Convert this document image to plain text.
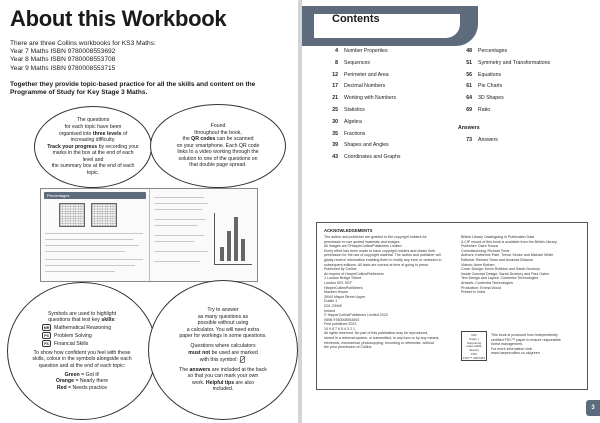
About this Workbook
There are three Collins workbooks for KS3 Maths:
Year 7 Maths ISBN 9780008553692
Year 8 Maths ISBN 9780008553708
Year 9 Maths ISBN 9780008553715
Together they provide topic-based practice for all the skills and content on the Programme of Study for Key Stage 3 Maths.
The questions
for each topic have been
organised into three levels of
increasing difficulty.
Track your progress by recording your
marks in the box at the end of each level and
the summary box at the end of each topic.
Found
throughout the book,
the QR codes can be scanned
on your smartphone. Each QR code
links to a video working through the
solution to one of the questions on
that double page spread.
Percentages
Symbols are used to highlight
questions that test key skills:
MR Mathematical Reasoning
PS Problem Solving
FS	Financial Skills
To show how confident you feel with these
skills, colour in the symbols alongside each
question and at the end of each topic:
Green = Got it!
Orange = Nearly there
Red = Needs practice
Try to answer
as many questions as
possible without using
a calculator. You will need extra
paper for workings in some questions.
Questions where calculators
must not be used are marked
with this symbol:
The answers are included at the back
so that you can mark your own
work. Helpful tips are also
included.
Contents
4 Number Properties
8 Sequences
12 Perimeter and Area
17 Decimal Numbers
21 Working with Numbers
25 Statistics
30 Algebra
35 Fractions
39 Shapes and Angles
43 Coordinates and Graphs
48 Percentages
51 Symmetry and Transformations
56 Equations
61 Pie Charts
64 3D Shapes
69 Ratio
Answers
73 Answers
ACKNOWLEDGEMENTS
The author and publisher are grateful to the copyright holders for
permission to use quoted materials and images.
All images are ©HarperCollinsPublishers Limited
Every effort has been made to trace copyright holders and obtain their
permission for the use of copyright material. The author and publisher will
gladly receive information enabling them to rectify any error or omission in
subsequent editions. All facts are correct at time of going to press.
Published by Collins
An imprint of HarperCollinsPublishers
1 London Bridge Street
London SE1 9GF
HarperCollinsPublishers
Macken House
39/40 Mayor Street Upper
Dublin 1
D01 C9W8
Ireland
© HarperCollinsPublishers Limited 2023
ISBN 9780008553692
First published 2023
10 9 8 7 6 5 4 3 2 1
All rights reserved. No part of this publication may be reproduced,
stored in a retrieval system, or transmitted, in any form or by any means,
electronic, mechanical, photocopying, recording or otherwise, without
the prior permission of Collins.
British Library Cataloguing in Publication Data
A CIP record of this book is available from the British Library.
Publisher: Clare Souza
Commissioning: Richard Toms
Authors: Katherine Pate, Trevor Senior and Michael White
Editorial: Richard Toms and Amanda Dickson
Videos: Anne Bothen
Cover Design: Kevin Robbins and Sarah Duxbury
Inside Concept Design: Sarah Duxbury and Paul Oates
Text Design and Layout: Contentra Technologies
Artwork: Contentra Technologies
Production: Emma Wood
Printed in India
MIX
Paper | Supporting
responsible forestry
FSC
FSC™ C007454
This book is produced from independently
certified FSC™ paper to ensure responsible
forest management.
For more information visit:
www.harpercollins.co.uk/green
3
